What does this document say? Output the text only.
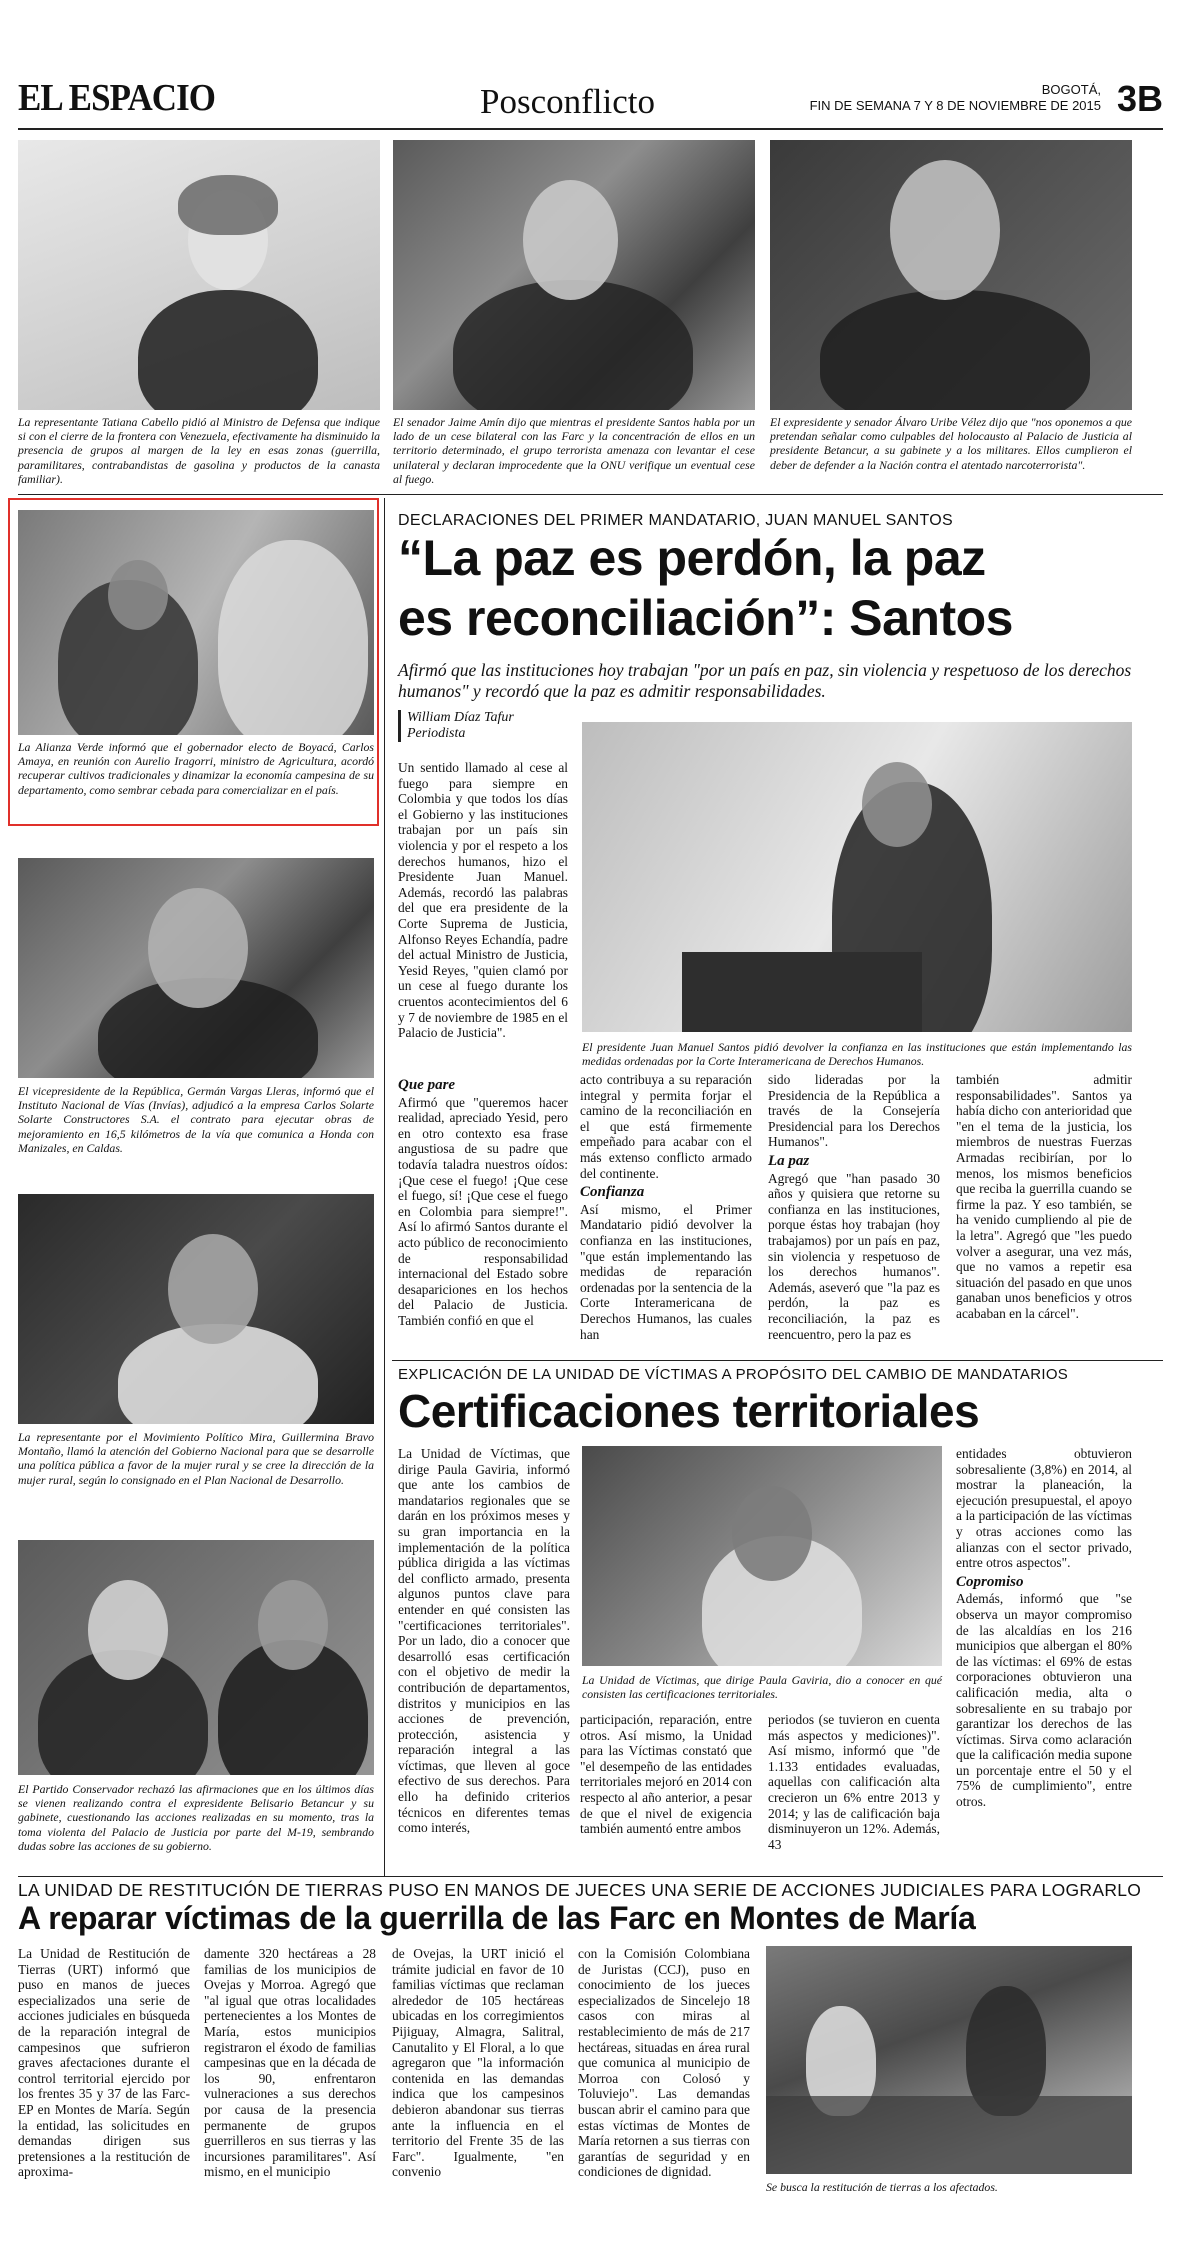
EL ESPACIO	Posconflicto	BOGOTÁ,
FIN DE SEMANA 7 Y 8 DE NOVIEMBRE DE 2015 3B
La representante Tatiana Cabello pidió al Ministro de Defensa que indique si con el cierre de la frontera con Venezuela, efectivamente ha disminuido la presencia de grupos al margen de la ley en esas zonas (guerrilla, paramilitares, contrabandistas de gasolina y productos de la canasta familiar).
El senador Jaime Amín dijo que mientras el presidente Santos habla por un lado de un cese bilateral con las Farc y la concentración de ellos en un territorio determinado, el grupo terrorista amenaza con levantar el cese unilateral y declaran improcedente que la ONU verifique un eventual cese al fuego.
El expresidente y senador Álvaro Uribe Vélez dijo que "nos oponemos a que pretendan señalar como culpables del holocausto al Palacio de Justicia al presidente Betancur, a su gabinete y a los militares. Ellos cumplieron el deber de defender a la Nación contra el atentado narcoterrorista".
La Alianza Verde informó que el gobernador electo de Boyacá, Carlos Amaya, en reunión con Aurelio Iragorri, ministro de Agricultura, acordó recuperar cultivos tradicionales y dinamizar la economía campesina de su departamento, como sembrar cebada para comercializar en el país.
El vicepresidente de la República, Germán Vargas Lleras, informó que el Instituto Nacional de Vías (Invías), adjudicó a la empresa Carlos Solarte Solarte Constructores S.A. el contrato para ejecutar obras de mejoramiento en 16,5 kilómetros de la vía que comunica a Honda con Manizales, en Caldas.
La representante por el Movimiento Político Mira, Guillermina Bravo Montaño, llamó la atención del Gobierno Nacional para que se desarrolle una política pública a favor de la mujer rural y se cree la dirección de la mujer rural, según lo consignado en el Plan Nacional de Desarrollo.
El Partido Conservador rechazó las afirmaciones que en los últimos días se vienen realizando contra el expresidente Belisario Betancur y su gabinete, cuestionando las acciones realizadas en su momento, tras la toma violenta del Palacio de Justicia por parte del M-19, sembrando dudas sobre las acciones de su gobierno.
DECLARACIONES DEL PRIMER MANDATARIO, JUAN MANUEL SANTOS
“La paz es perdón, la paz
es reconciliación”: Santos
Afirmó que las instituciones hoy trabajan "por un país en paz, sin violencia y respetuoso de los derechos humanos" y recordó que la paz es admitir responsabilidades.
William Díaz Tafur
Periodista
Un sentido llamado al cese al fuego para siempre en Colombia y que todos los días el Gobierno y las instituciones trabajan por un país sin violencia y por el respeto a los derechos humanos, hizo el Presidente Juan Manuel. Además, recordó las palabras del que era presidente de la Corte Suprema de Justicia, Alfonso Reyes Echandía, padre del actual Ministro de Justicia, Yesid Reyes, "quien clamó por un cese al fuego durante los cruentos acontecimientos del 6 y 7 de noviembre de 1985 en el Palacio de Justicia".
El presidente Juan Manuel Santos pidió devolver la confianza en las instituciones que están implementando las medidas ordenadas por la Corte Interamericana de Derechos Humanos.
Que pare

Afirmó que "queremos hacer realidad, apreciado Yesid, pero en otro contexto esa frase angustiosa de su padre que todavía taladra nuestros oídos: ¡Que cese el fuego! ¡Que cese el fuego, sí! ¡Que cese el fuego en Colombia para siempre!". Así lo afirmó Santos durante el acto público de reconocimiento de responsabilidad internacional del Estado sobre desapariciones en los hechos del Palacio de Justicia. También confió en que el

acto contribuya a su reparación integral y permita forjar el camino de la reconciliación en el que está firmemente empeñado para acabar con el más extenso conflicto armado del continente.

Confianza

Así mismo, el Primer Mandatario pidió devolver la confianza en las instituciones, "que están implementando las medidas de reparación ordenadas por la sentencia de la Corte Interamericana de Derechos Humanos, las cuales han

sido lideradas por la Presidencia de la República a través de la Consejería Presidencial para los Derechos Humanos".

La paz

Agregó que "han pasado 30 años y quisiera que retorne su confianza en las instituciones, porque éstas hoy trabajan (hoy trabajamos) por un país en paz, sin violencia y respetuoso de los derechos humanos". Además, aseveró que "la paz es perdón, la paz es reconciliación, la paz es reencuentro, pero la paz es

también admitir responsabilidades". Santos ya había dicho con anterioridad que "en el tema de la justicia, los miembros de nuestras Fuerzas Armadas recibirían, por lo menos, los mismos beneficios que reciba la guerrilla cuando se firme la paz. Y eso también, se ha venido cumpliendo al pie de la letra". Agregó que "les puedo volver a asegurar, una vez más, que no vamos a repetir esa situación del pasado en que unos ganaban unos beneficios y otros acababan en la cárcel".
EXPLICACIÓN DE LA UNIDAD DE VÍCTIMAS A PROPÓSITO DEL CAMBIO DE MANDATARIOS
Certificaciones territoriales
La Unidad de Víctimas, que dirige Paula Gaviria, informó que ante los cambios de mandatarios regionales que se darán en los próximos meses y su gran importancia en la implementación de la política pública dirigida a las víctimas del conflicto armado, presenta algunos puntos clave para entender en qué consisten las "certificaciones territoriales". Por un lado, dio a conocer que desarrolló esas certificación con el objetivo de medir la contribución de departamentos, distritos y municipios en las acciones de prevención, protección, asistencia y reparación integral a las víctimas, que lleven al goce efectivo de sus derechos. Para ello ha definido criterios técnicos en diferentes temas como interés,
La Unidad de Víctimas, que dirige Paula Gaviria, dio a conocer en qué consisten las certificaciones territoriales.
participación, reparación, entre otros. Así mismo, la Unidad para las Víctimas constató que "el desempeño de las entidades territoriales mejoró en 2014 con respecto al año anterior, a pesar de que el nivel de exigencia también aumentó entre ambos
periodos (se tuvieron en cuenta más aspectos y mediciones)". Así mismo, informó que "de 1.133 entidades evaluadas, aquellas con calificación alta crecieron un 6% entre 2013 y 2014; y las de calificación baja disminuyeron un 12%. Además, 43

entidades obtuvieron sobresaliente (3,8%) en 2014, al mostrar la planeación, la ejecución presupuestal, el apoyo a la participación de las víctimas y otras acciones como las alianzas con el sector privado, entre otros aspectos".

Copromiso

Además, informó que "se observa un mayor compromiso de las alcaldías en los 216 municipios que albergan el 80% de las víctimas: el 69% de estas corporaciones obtuvieron una calificación media, alta o sobresaliente en su trabajo por garantizar los derechos de las víctimas. Sirva como aclaración que la calificación media supone un porcentaje entre el 50 y el 75% de cumplimiento", entre otros.

LA UNIDAD DE RESTITUCIÓN DE TIERRAS PUSO EN MANOS DE JUECES UNA SERIE DE ACCIONES JUDICIALES PARA LOGRARLO
A reparar víctimas de la guerrilla de las Farc en Montes de María
La Unidad de Restitución de Tierras (URT) informó que puso en manos de jueces especializados una serie de acciones judiciales en búsqueda de la reparación integral de campesinos que sufrieron graves afectaciones durante el control territorial ejercido por los frentes 35 y 37 de las Farc-EP en Montes de María. Según la entidad, las solicitudes en demandas dirigen sus pretensiones a la restitución de aproxima-
damente 320 hectáreas a 28 familias de los municipios de Ovejas y Morroa. Agregó que "al igual que otras localidades pertenecientes a los Montes de María, estos municipios registraron el éxodo de familias campesinas que en la década de los 90, enfrentaron vulneraciones a sus derechos por causa de la presencia permanente de grupos guerrilleros en sus tierras y las incursiones paramilitares". Así mismo, en el municipio
de Ovejas, la URT inició el trámite judicial en favor de 10 familias víctimas que reclaman alrededor de 105 hectáreas ubicadas en los corregimientos Pijiguay, Almagra, Salitral, Canutalito y El Floral, a lo que agregaron que "la información contenida en las demandas indica que los campesinos debieron abandonar sus tierras ante la influencia en el territorio del Frente 35 de las Farc". Igualmente, "en convenio
con la Comisión Colombiana de Juristas (CCJ), puso en conocimiento de los jueces especializados de Sincelejo 18 casos con miras al restablecimiento de más de 217 hectáreas, situadas en área rural que comunica al municipio de Morroa con Colosó y Toluviejo". Las demandas buscan abrir el camino para que estas víctimas de Montes de María retornen a sus tierras con garantías de seguridad y en condiciones de dignidad.
Se busca la restitución de tierras a los afectados.
